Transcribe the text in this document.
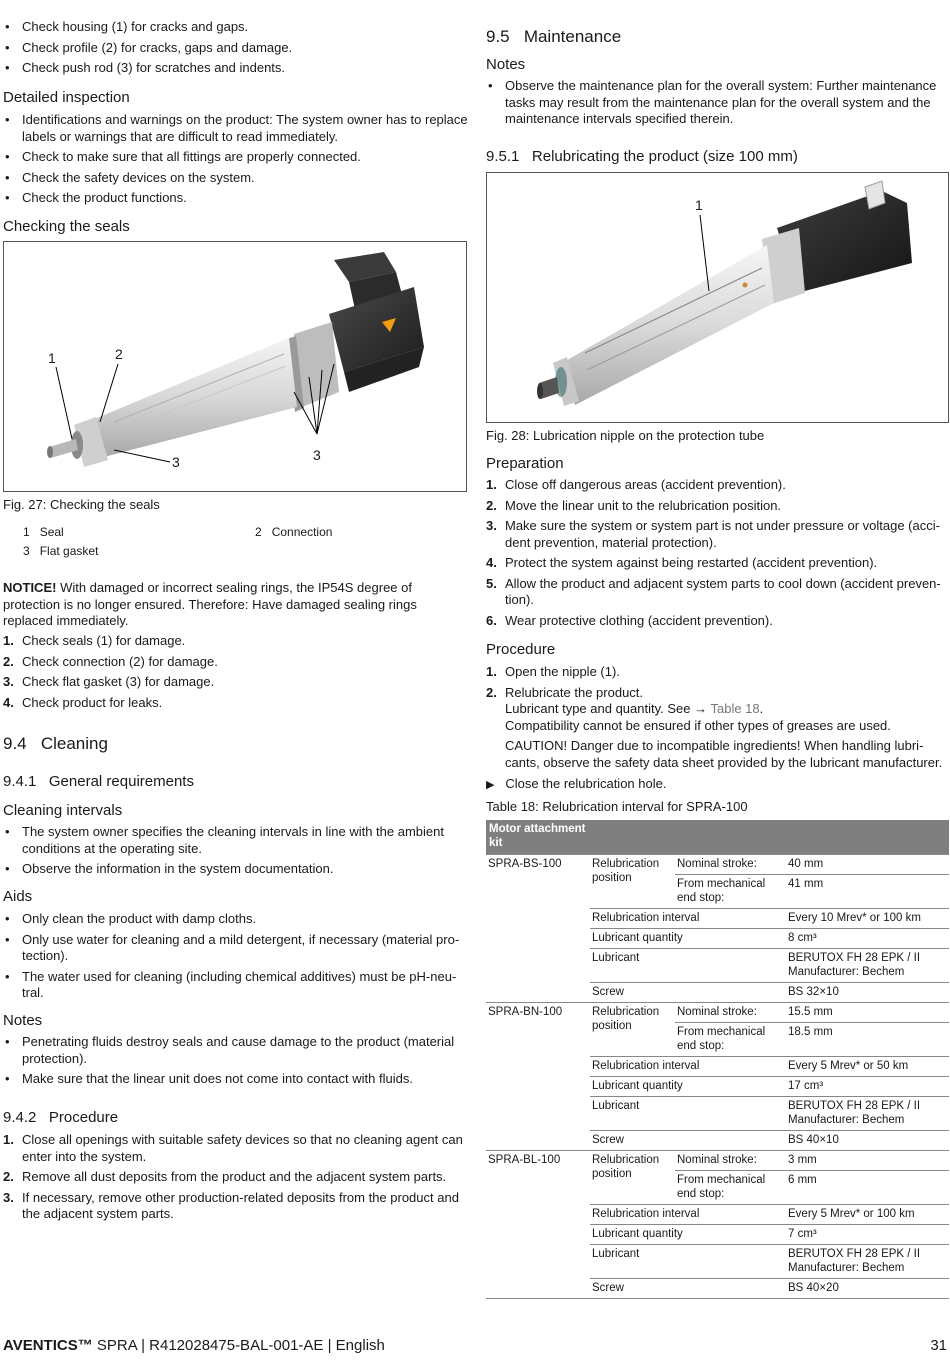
• Check housing (1) for cracks and gaps.
• Check profile (2) for cracks, gaps and damage.
• Check push rod (3) for scratches and indents.
Detailed inspection
• Identifications and warnings on the product: The system owner has to replace labels or warnings that are difficult to read immediately.
• Check to make sure that all fittings are properly connected.
• Check the safety devices on the system.
• Check the product functions.
Checking the seals
1	2
3	3
Fig. 27: Checking the seals
1 Seal	2 Connection
3 Flat gasket

NOTICE! With damaged or incorrect sealing rings, the IP54S degree of protection is no longer ensured. Therefore: Have damaged sealing rings replaced immediately.

1. Check seals (1) for damage.
2. Check connection (2) for damage.
3. Check flat gasket (3) for damage.
4. Check product for leaks.
9.4 Cleaning
9.4.1 General requirements
Cleaning intervals
• The system owner specifies the cleaning intervals in line with the ambient conditions at the operating site.
• Observe the information in the system documentation.
Aids
• Only clean the product with damp cloths.
• Only use water for cleaning and a mild detergent, if necessary (material protection).
• The water used for cleaning (including chemical additives) must be pH-neutral.
Notes
• Penetrating fluids destroy seals and cause damage to the product (material protection).
• Make sure that the linear unit does not come into contact with fluids.
9.4.2 Procedure
1. Close all openings with suitable safety devices so that no cleaning agent can enter into the system.
2. Remove all dust deposits from the product and the adjacent system parts.
3. If necessary, remove other production-related deposits from the product and the adjacent system parts.
9.5 Maintenance
Notes
• Observe the maintenance plan for the overall system: Further maintenance tasks may result from the maintenance plan for the overall system and the maintenance intervals specified therein.
9.5.1 Relubricating the product (size 100 mm)
1
Fig. 28: Lubrication nipple on the protection tube
Preparation
1. Close off dangerous areas (accident prevention).
2. Move the linear unit to the relubrication position.
3. Make sure the system or system part is not under pressure or voltage (accident prevention, material protection).
4. Protect the system against being restarted (accident prevention).
5. Allow the product and adjacent system parts to cool down (accident prevention).
6. Wear protective clothing (accident prevention).
Procedure
1. Open the nipple (1).
2. Relubricate the product.
Lubricant type and quantity. See → Table 18.
Compatibility cannot be ensured if other types of greases are used.

CAUTION! Danger due to incompatible ingredients! When handling lubricants, observe the safety data sheet provided by the lubricant manufacturer.

▶ Close the relubrication hole.
Table 18: Relubrication interval for SPRA-100
Motor attachment kit			
SPRA-BS-100	Relubrication position	Nominal stroke:	40 mm
		From mechanical end stop:	41 mm
	Relubrication interval		Every 10 Mrev* or 100 km
	Lubricant quantity		8 cm³
	Lubricant		BERUTOX FH 28 EPK / II
Manufacturer: Bechem
	Screw		BS 32×10
SPRA-BN-100	Relubrication position	Nominal stroke:	15.5 mm
		From mechanical end stop:	18.5 mm
	Relubrication interval		Every 5 Mrev* or 50 km
	Lubricant quantity		17 cm³
	Lubricant		BERUTOX FH 28 EPK / II
Manufacturer: Bechem
	Screw		BS 40×10
SPRA-BL-100	Relubrication position	Nominal stroke:	3 mm
		From mechanical end stop:	6 mm
	Relubrication interval		Every 5 Mrev* or 100 km
	Lubricant quantity		7 cm³
	Lubricant		BERUTOX FH 28 EPK / II
Manufacturer: Bechem
	Screw		BS 40×20
AVENTICS™ SPRA | R412028475-BAL-001-AE | English	31
